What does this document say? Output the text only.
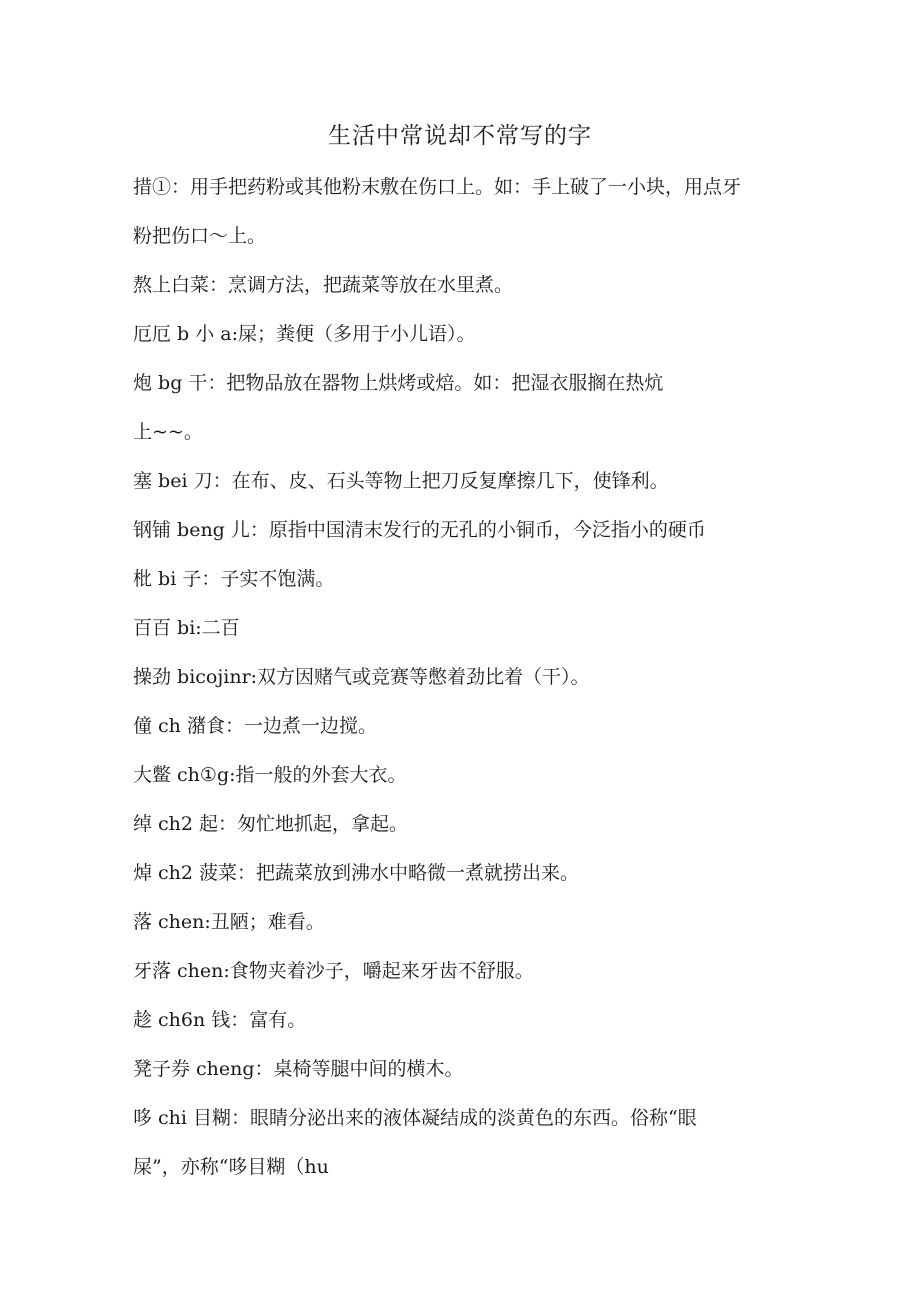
生活中常说却不常写的字
措①：用手把药粉或其他粉末敷在伤口上。如：手上破了一小块，用点牙
粉把伤口～上。
熬上白菜：烹调方法，把蔬菜等放在水里煮。
厄厄 b 小 a:屎；粪便（多用于小儿语）。
炮 bg 干：把物品放在器物上烘烤或焙。如：把湿衣服搁在热炕
上~~。
塞 bei 刀：在布、皮、石头等物上把刀反复摩擦几下，使锋利。
钢铺 beng 儿：原指中国清末发行的无孔的小铜币，今泛指小的硬币
枇 bi 子：子实不饱满。
百百 bi:二百
操劲 bicojinr:双方因赌气或竞赛等憋着劲比着（干）。
僮 ch 潴食：一边煮一边搅。
大鳖 ch①g:指一般的外套大衣。
绰 ch2 起：匆忙地抓起，拿起。
焯 ch2 菠菜：把蔬菜放到沸水中略微一煮就捞出来。
落 chen:丑陋；难看。
牙落 chen:食物夹着沙子，嚼起来牙齿不舒服。
趁 ch6n 钱：富有。
凳子券 cheng：桌椅等腿中间的横木。
哆 chi 目糊：眼睛分泌出来的液体凝结成的淡黄色的东西。俗称“眼
屎”，亦称“哆目糊（hu
